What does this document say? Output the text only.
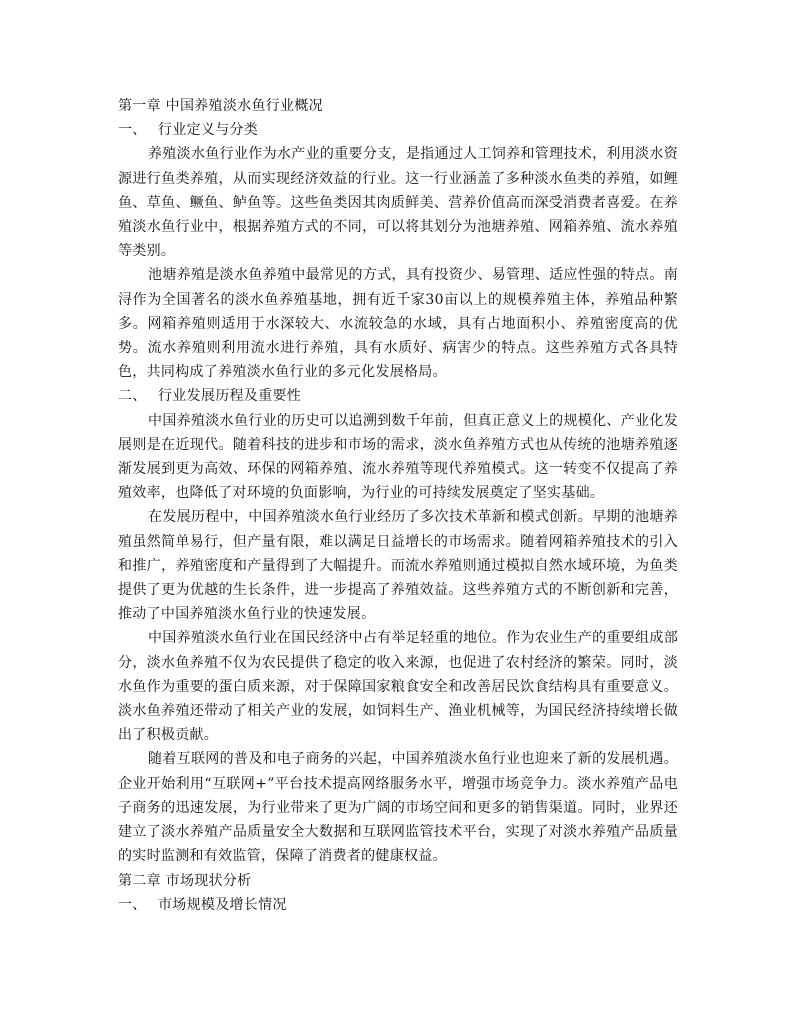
第一章 中国养殖淡水鱼行业概况
一、 行业定义与分类

养殖淡水鱼行业作为水产业的重要分支，是指通过人工饲养和管理技术，利用淡水资源进行鱼类养殖，从而实现经济效益的行业。这一行业涵盖了多种淡水鱼类的养殖，如鲤鱼、草鱼、鳜鱼、鲈鱼等。这些鱼类因其肉质鲜美、营养价值高而深受消费者喜爱。在养殖淡水鱼行业中，根据养殖方式的不同，可以将其划分为池塘养殖、网箱养殖、流水养殖等类别。

池塘养殖是淡水鱼养殖中最常见的方式，具有投资少、易管理、适应性强的特点。南浔作为全国著名的淡水鱼养殖基地，拥有近千家30亩以上的规模养殖主体，养殖品种繁多。网箱养殖则适用于水深较大、水流较急的水域，具有占地面积小、养殖密度高的优势。流水养殖则利用流水进行养殖，具有水质好、病害少的特点。这些养殖方式各具特色，共同构成了养殖淡水鱼行业的多元化发展格局。

二、 行业发展历程及重要性

中国养殖淡水鱼行业的历史可以追溯到数千年前，但真正意义上的规模化、产业化发展则是在近现代。随着科技的进步和市场的需求，淡水鱼养殖方式也从传统的池塘养殖逐渐发展到更为高效、环保的网箱养殖、流水养殖等现代养殖模式。这一转变不仅提高了养殖效率，也降低了对环境的负面影响，为行业的可持续发展奠定了坚实基础。

在发展历程中，中国养殖淡水鱼行业经历了多次技术革新和模式创新。早期的池塘养殖虽然简单易行，但产量有限，难以满足日益增长的市场需求。随着网箱养殖技术的引入和推广，养殖密度和产量得到了大幅提升。而流水养殖则通过模拟自然水域环境，为鱼类提供了更为优越的生长条件，进一步提高了养殖效益。这些养殖方式的不断创新和完善，推动了中国养殖淡水鱼行业的快速发展。

中国养殖淡水鱼行业在国民经济中占有举足轻重的地位。作为农业生产的重要组成部分，淡水鱼养殖不仅为农民提供了稳定的收入来源，也促进了农村经济的繁荣。同时，淡水鱼作为重要的蛋白质来源，对于保障国家粮食安全和改善居民饮食结构具有重要意义。淡水鱼养殖还带动了相关产业的发展，如饲料生产、渔业机械等，为国民经济持续增长做出了积极贡献。

随着互联网的普及和电子商务的兴起，中国养殖淡水鱼行业也迎来了新的发展机遇。企业开始利用“互联网+”平台技术提高网络服务水平，增强市场竞争力。淡水养殖产品电子商务的迅速发展，为行业带来了更为广阔的市场空间和更多的销售渠道。同时，业界还建立了淡水养殖产品质量安全大数据和互联网监管技术平台，实现了对淡水养殖产品质量的实时监测和有效监管，保障了消费者的健康权益。

第二章 市场现状分析
一、 市场规模及增长情况
